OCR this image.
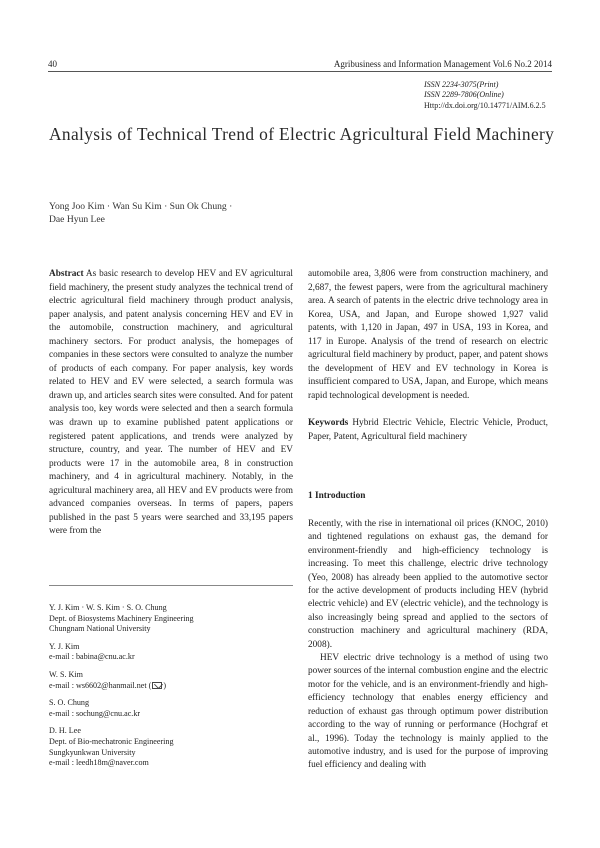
40	Agribusiness and Information Management Vol.6 No.2 2014
ISSN 2234-3075(Print)
ISSN 2289-7806(Online)
Http://dx.doi.org/10.14771/AIM.6.2.5
Analysis of Technical Trend of Electric Agricultural Field Machinery
Yong Joo Kim · Wan Su Kim · Sun Ok Chung ·
Dae Hyun Lee
Abstract As basic research to develop HEV and EV agricultural field machinery, the present study analyzes the technical trend of electric agricultural field machinery through product analysis, paper analysis, and patent analysis concerning HEV and EV in the automobile, construction machinery, and agricultural machinery sectors. For product analysis, the homepages of companies in these sectors were consulted to analyze the number of products of each company. For paper analysis, key words related to HEV and EV were selected, a search formula was drawn up, and articles search sites were consulted. And for patent analysis too, key words were selected and then a search formula was drawn up to examine published patent applications or registered patent applications, and trends were analyzed by structure, country, and year. The number of HEV and EV products were 17 in the automobile area, 8 in construction machinery, and 4 in agricultural machinery. Notably, in the agricultural machinery area, all HEV and EV products were from advanced companies overseas. In terms of papers, papers published in the past 5 years were searched and 33,195 papers were from the
automobile area, 3,806 were from construction machinery, and 2,687, the fewest papers, were from the agricultural machinery area. A search of patents in the electric drive technology area in Korea, USA, and Japan, and Europe showed 1,927 valid patents, with 1,120 in Japan, 497 in USA, 193 in Korea, and 117 in Europe. Analysis of the trend of research on electric agricultural field machinery by product, paper, and patent shows the development of HEV and EV technology in Korea is insufficient compared to USA, Japan, and Europe, which means rapid technological development is needed.
Keywords Hybrid Electric Vehicle, Electric Vehicle, Product, Paper, Patent, Agricultural field machinery
1 Introduction

Recently, with the rise in international oil prices (KNOC, 2010) and tightened regulations on exhaust gas, the demand for environment-friendly and high-efficiency technology is increasing. To meet this challenge, electric drive technology (Yeo, 2008) has already been applied to the automotive sector for the active development of products including HEV (hybrid electric vehicle) and EV (electric vehicle), and the technology is also increasingly being spread and applied to the sectors of construction machinery and agricultural machinery (RDA, 2008).

HEV electric drive technology is a method of using two power sources of the internal combustion engine and the electric motor for the vehicle, and is an environment-friendly and high-efficiency technology that enables energy efficiency and reduction of exhaust gas through optimum power distribution according to the way of running or performance (Hochgraf et al., 1996). Today the technology is mainly applied to the automotive industry, and is used for the purpose of improving fuel efficiency and dealing with

Y. J. Kim · W. S. Kim · S. O. Chung
Dept. of Biosystems Machinery Engineering
Chungnam National University
Y. J. Kim
e-mail : babina@cnu.ac.kr
W. S. Kim
e-mail : ws6602@hanmail.net ( )
S. O. Chung
e-mail : sochung@cnu.ac.kr
D. H. Lee
Dept. of Bio-mechatronic Engineering
Sungkyunkwan University
e-mail : leedh18m@naver.com
